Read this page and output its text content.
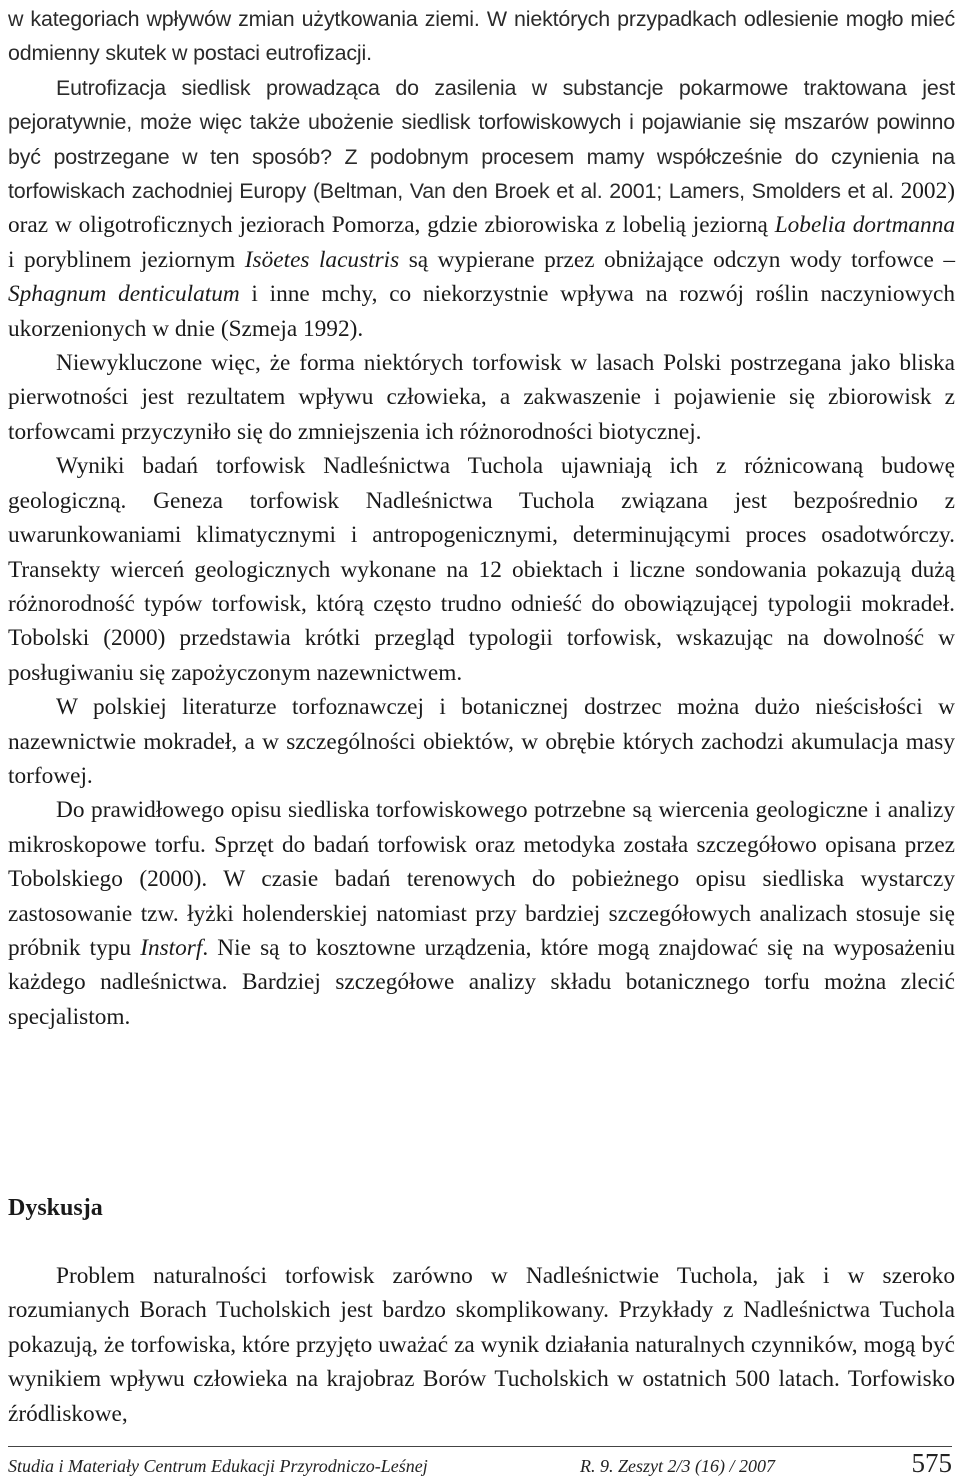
w kategoriach wpływów zmian użytkowania ziemi. W niektórych przypadkach odlesienie mogło mieć odmienny skutek w postaci eutrofizacji.

Eutrofizacja siedlisk prowadząca do zasilenia w substancje pokarmowe traktowana jest pejoratywnie, może więc także ubożenie siedlisk torfowiskowych i pojawianie się mszarów powinno być postrzegane w ten sposób? Z podobnym procesem mamy współcześnie do czynienia na torfowiskach zachodniej Europy (Beltman, Van den Broek et al. 2001; Lamers, Smolders et al. 2002) oraz w oligotroficznych jeziorach Pomorza, gdzie zbiorowiska z lobelią jeziorną Lobelia dortmanna i poryblinem jeziornym Isöetes lacustris są wypierane przez obniżające odczyn wody torfowce – Sphagnum denticulatum i inne mchy, co niekorzystnie wpływa na rozwój roślin naczyniowych ukorzenionych w dnie (Szmeja 1992).

Niewykluczone więc, że forma niektórych torfowisk w lasach Polski postrzegana jako bliska pierwotności jest rezultatem wpływu człowieka, a zakwaszenie i pojawienie się zbiorowisk z torfowcami przyczyniło się do zmniejszenia ich różnorodności biotycznej.

Wyniki badań torfowisk Nadleśnictwa Tuchola ujawniają ich z różnicowaną budowę geologiczną. Geneza torfowisk Nadleśnictwa Tuchola związana jest bezpośrednio z uwarunkowaniami klimatycznymi i antropogenicznymi, determinującymi proces osadotwórczy. Transekty wierceń geologicznych wykonane na 12 obiektach i liczne sondowania pokazują dużą różnorodność typów torfowisk, którą często trudno odnieść do obowiązującej typologii mokradeł. Tobolski (2000) przedstawia krótki przegląd typologii torfowisk, wskazując na dowolność w posługiwaniu się zapożyczonym nazewnictwem.

W polskiej literaturze torfoznawczej i botanicznej dostrzec można dużo nieścisłości w nazewnictwie mokradeł, a w szczególności obiektów, w obrębie których zachodzi akumulacja masy torfowej.

Do prawidłowego opisu siedliska torfowiskowego potrzebne są wiercenia geologiczne i analizy mikroskopowe torfu. Sprzęt do badań torfowisk oraz metodyka została szczegółowo opisana przez Tobolskiego (2000). W czasie badań terenowych do pobieżnego opisu siedliska wystarczy zastosowanie tzw. łyżki holenderskiej natomiast przy bardziej szczegółowych analizach stosuje się próbnik typu Instorf. Nie są to kosztowne urządzenia, które mogą znajdować się na wyposażeniu każdego nadleśnictwa. Bardziej szczegółowe analizy składu botanicznego torfu można zlecić specjalistom.

Dyskusja

Problem naturalności torfowisk zarówno w Nadleśnictwie Tuchola, jak i w szeroko rozumianych Borach Tucholskich jest bardzo skomplikowany. Przykłady z Nadleśnictwa Tuchola pokazują, że torfowiska, które przyjęto uważać za wynik działania naturalnych czynników, mogą być wynikiem wpływu człowieka na krajobraz Borów Tucholskich w ostatnich 500 latach. Torfowisko źródliskowe,

Studia i Materiały Centrum Edukacji Przyrodniczo-Leśnej	R. 9. Zeszyt 2/3 (16) / 2007	575
